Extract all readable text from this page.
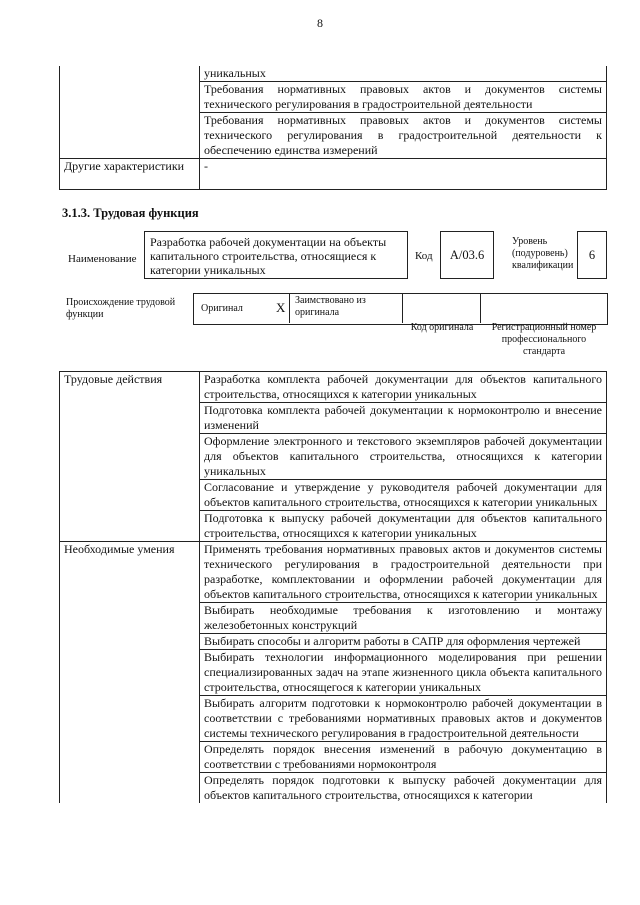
8
	уникальных
	Требования нормативных правовых актов и документов системы технического регулирования в градостроительной деятельности
	Требования нормативных правовых актов и документов системы технического регулирования в градостроительной деятельности к обеспечению единства измерений
Другие характеристики	-
3.1.3. Трудовая функция
Наименование
Разработка рабочей документации на объекты капитального строительства, относящиеся к категории уникальных
Код	A/03.6
Уровень (подуровень) квалификации
6
Происхождение трудовой функции
Оригинал	X Заимствовано из оригинала
Код оригинала	Регистрационный номер профессионального стандарта
Трудовые действия	Разработка комплекта рабочей документации для объектов капитального строительства, относящихся к категории уникальных
	Подготовка комплекта рабочей документации к нормоконтролю и внесение изменений
	Оформление электронного и текстового экземпляров рабочей документации для объектов капитального строительства, относящихся к категории уникальных
	Согласование и утверждение у руководителя рабочей документации для объектов капитального строительства, относящихся к категории уникальных
	Подготовка к выпуску рабочей документации для объектов капитального строительства, относящихся к категории уникальных
Необходимые умения	Применять требования нормативных правовых актов и документов системы технического регулирования в градостроительной деятельности при разработке, комплектовании и оформлении рабочей документации для объектов капитального строительства, относящихся к категории уникальных
	Выбирать необходимые требования к изготовлению и монтажу железобетонных конструкций
	Выбирать способы и алгоритм работы в САПР для оформления чертежей
	Выбирать технологии информационного моделирования при решении специализированных задач на этапе жизненного цикла объекта капитального строительства, относящегося к категории уникальных
	Выбирать алгоритм подготовки к нормоконтролю рабочей документации в соответствии с требованиями нормативных правовых актов и документов системы технического регулирования в градостроительной деятельности
	Определять порядок внесения изменений в рабочую документацию в соответствии с требованиями нормоконтроля
	Определять порядок подготовки к выпуску рабочей документации для объектов капитального строительства, относящихся к категории
